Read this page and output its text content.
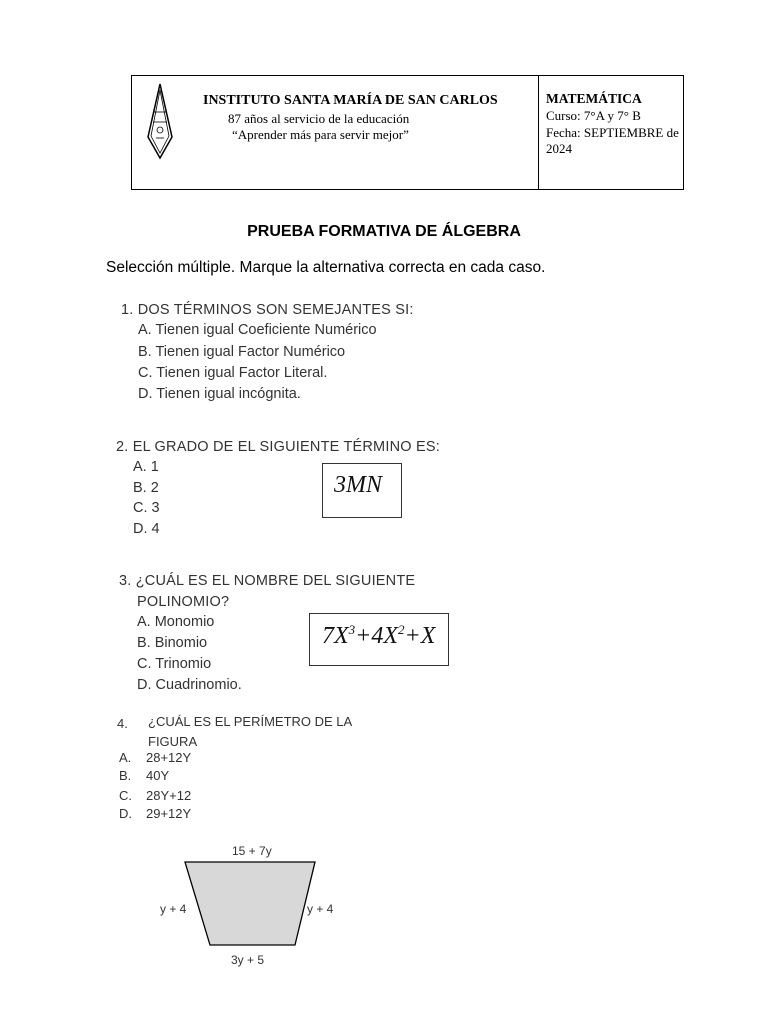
INSTITUTO SANTA MARÍA DE SAN CARLOS
87 años al servicio de la educación
“Aprender más para servir mejor”
MATEMÁTICA
Curso: 7°A y 7° B
Fecha: SEPTIEMBRE de 2024
PRUEBA FORMATIVA DE ÁLGEBRA
Selección múltiple. Marque la alternativa correcta en cada caso.
1. DOS TÉRMINOS SON SEMEJANTES SI:
A. Tienen igual Coeficiente Numérico
B. Tienen igual Factor Numérico
C. Tienen igual Factor Literal.
D. Tienen igual incógnita.
2. EL GRADO DE EL SIGUIENTE TÉRMINO ES:
A. 1
B. 2
C. 3
D. 4
3MN
3. ¿CUÁL ES EL NOMBRE DEL SIGUIENTE
POLINOMIO?
A. Monomio
B. Binomio
C. Trinomio
D. Cuadrinomio.
$7X^3+4X^2+X$
4. ¿CUÁL ES EL PERÍMETRO DE LA
FIGURA
A. 28+12Y
B. 40Y
C. 28Y+12
D. 29+12Y
15 + 7y
y + 4	y + 4
3y + 5
